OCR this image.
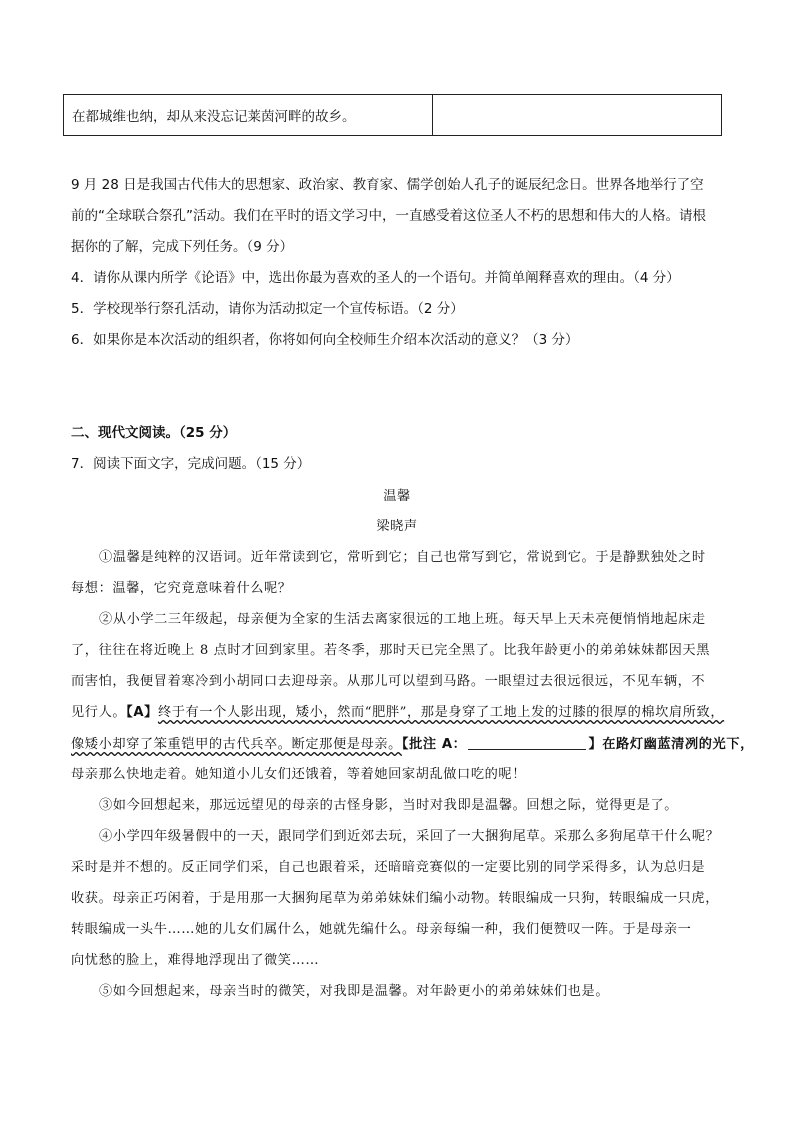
在都城维也纳，却从来没忘记莱茵河畔的故乡。
9 月 28 日是我国古代伟大的思想家、政治家、教育家、儒学创始人孔子的诞辰纪念日。世界各地举行了空
前的“全球联合祭孔”活动。我们在平时的语文学习中，一直感受着这位圣人不朽的思想和伟大的人格。请根
据你的了解，完成下列任务。（9 分）
4．请你从课内所学《论语》中，选出你最为喜欢的圣人的一个语句。并简单阐释喜欢的理由。（4 分）
5．学校现举行祭孔活动，请你为活动拟定一个宣传标语。（2 分）
6．如果你是本次活动的组织者，你将如何向全校师生介绍本次活动的意义？（3 分）
二、现代文阅读。（25 分）
7．阅读下面文字，完成问题。（15 分）
温馨
梁晓声
①温馨是纯粹的汉语词。近年常读到它，常听到它；自己也常写到它，常说到它。于是静默独处之时
每想：温馨，它究竟意味着什么呢？
②从小学二三年级起，母亲便为全家的生活去离家很远的工地上班。每天早上天未亮便悄悄地起床走
了，往往在将近晚上 8 点时才回到家里。若冬季，那时天已完全黑了。比我年龄更小的弟弟妹妹都因天黑
而害怕，我便冒着寒冷到小胡同口去迎母亲。从那儿可以望到马路。一眼望过去很远很远，不见车辆，不
见行人。【A】终于有一个人影出现，矮小，然而“肥胖”，那是身穿了工地上发的过膝的很厚的棉坎肩所致，
像矮小却穿了笨重铠甲的古代兵卒。断定那便是母亲。【批注 A：	】在路灯幽蓝清冽的光下，
母亲那么快地走着。她知道小儿女们还饿着，等着她回家胡乱做口吃的呢！
③如今回想起来，那远远望见的母亲的古怪身影，当时对我即是温馨。回想之际，觉得更是了。
④小学四年级暑假中的一天，跟同学们到近郊去玩，采回了一大捆狗尾草。采那么多狗尾草干什么呢？
采时是并不想的。反正同学们采，自己也跟着采，还暗暗竞赛似的一定要比别的同学采得多，认为总归是
收获。母亲正巧闲着，于是用那一大捆狗尾草为弟弟妹妹们编小动物。转眼编成一只狗，转眼编成一只虎，
转眼编成一头牛……她的儿女们属什么，她就先编什么。母亲每编一种，我们便赞叹一阵。于是母亲一
向忧愁的脸上，难得地浮现出了微笑……
⑤如今回想起来，母亲当时的微笑，对我即是温馨。对年龄更小的弟弟妹妹们也是。
